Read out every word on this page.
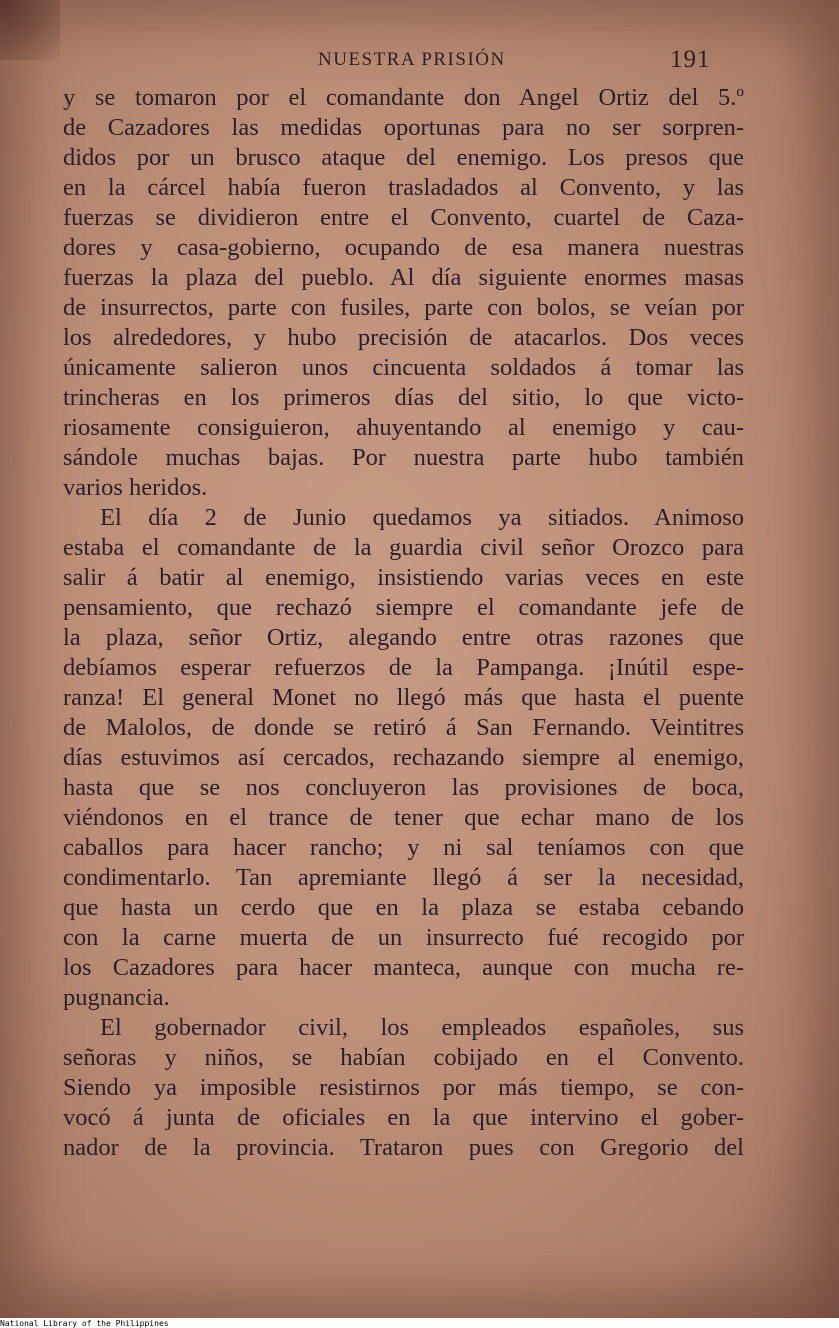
NUESTRA PRISIÓN	191
y se tomaron por el comandante don Angel Ortiz del 5.º
de Cazadores las medidas oportunas para no ser sorpren-
didos por un brusco ataque del enemigo. Los presos que
en la cárcel había fueron trasladados al Convento, y las
fuerzas se dividieron entre el Convento, cuartel de Caza-
dores y casa-gobierno, ocupando de esa manera nuestras
fuerzas la plaza del pueblo. Al día siguiente enormes masas
de insurrectos, parte con fusiles, parte con bolos, se veían por
los alrededores, y hubo precisión de atacarlos. Dos veces
únicamente salieron unos cincuenta soldados á tomar las
trincheras en los primeros días del sitio, lo que victo-
riosamente consiguieron, ahuyentando al enemigo y cau-
sándole muchas bajas. Por nuestra parte hubo también
varios heridos.
El día 2 de Junio quedamos ya sitiados. Animoso
estaba el comandante de la guardia civil señor Orozco para
salir á batir al enemigo, insistiendo varias veces en este
pensamiento, que rechazó siempre el comandante jefe de
la plaza, señor Ortiz, alegando entre otras razones que
debíamos esperar refuerzos de la Pampanga. ¡Inútil espe-
ranza! El general Monet no llegó más que hasta el puente
de Malolos, de donde se retiró á San Fernando. Veintitres
días estuvimos así cercados, rechazando siempre al enemigo,
hasta que se nos concluyeron las provisiones de boca,
viéndonos en el trance de tener que echar mano de los
caballos para hacer rancho; y ni sal teníamos con que
condimentarlo. Tan apremiante llegó á ser la necesidad,
que hasta un cerdo que en la plaza se estaba cebando
con la carne muerta de un insurrecto fué recogido por
los Cazadores para hacer manteca, aunque con mucha re-
pugnancia.
El gobernador civil, los empleados españoles, sus
señoras y niños, se habían cobijado en el Convento.
Siendo ya imposible resistirnos por más tiempo, se con-
vocó á junta de oficiales en la que intervino el gober-
nador de la provincia. Trataron pues con Gregorio del
National Library of the Philippines
